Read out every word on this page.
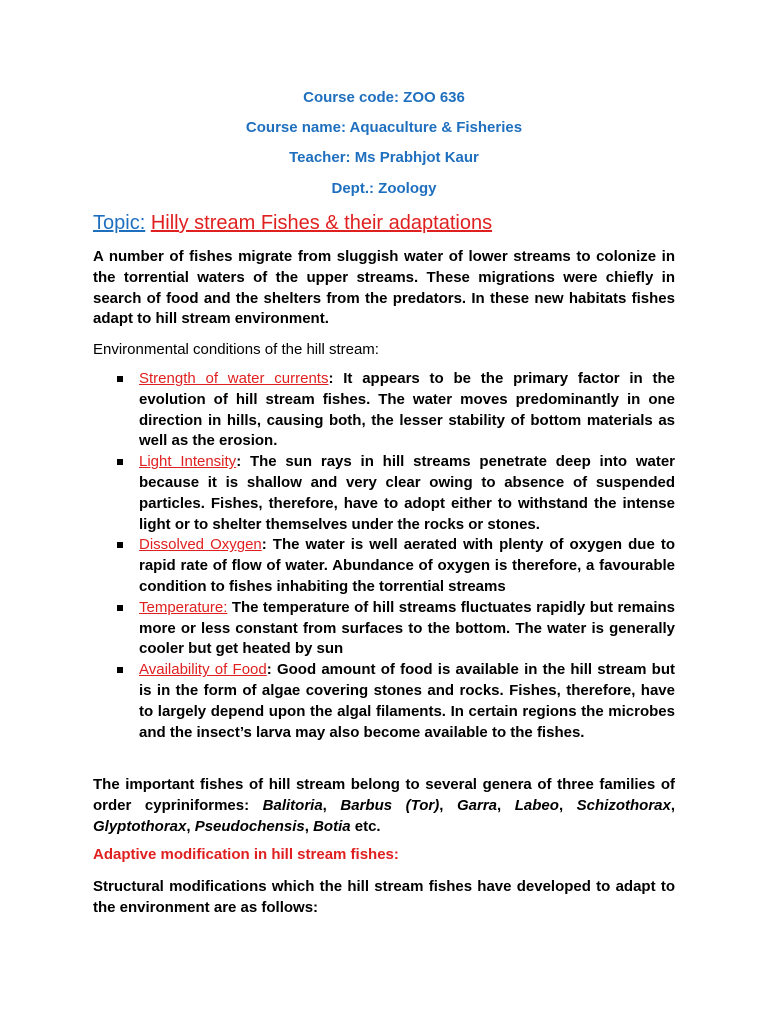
Course code: ZOO 636
Course name: Aquaculture & Fisheries
Teacher: Ms Prabhjot Kaur
Dept.: Zoology
Topic: Hilly stream Fishes & their adaptations
A number of fishes migrate from sluggish water of lower streams to colonize in the torrential waters of the upper streams. These migrations were chiefly in search of food and the shelters from the predators. In these new habitats fishes adapt to hill stream environment.
Environmental conditions of the hill stream:
Strength of water currents: It appears to be the primary factor in the evolution of hill stream fishes. The water moves predominantly in one direction in hills, causing both, the lesser stability of bottom materials as well as the erosion.
Light Intensity: The sun rays in hill streams penetrate deep into water because it is shallow and very clear owing to absence of suspended particles. Fishes, therefore, have to adopt either to withstand the intense light or to shelter themselves under the rocks or stones.
Dissolved Oxygen: The water is well aerated with plenty of oxygen due to rapid rate of flow of water. Abundance of oxygen is therefore, a favourable condition to fishes inhabiting the torrential streams
Temperature: The temperature of hill streams fluctuates rapidly but remains more or less constant from surfaces to the bottom. The water is generally cooler but get heated by sun
Availability of Food: Good amount of food is available in the hill stream but is in the form of algae covering stones and rocks. Fishes, therefore, have to largely depend upon the algal filaments. In certain regions the microbes and the insect’s larva may also become available to the fishes.
The important fishes of hill stream belong to several genera of three families of order cypriniformes: Balitoria, Barbus (Tor), Garra, Labeo, Schizothorax, Glyptothorax, Pseudochensis, Botia etc.
Adaptive modification in hill stream fishes:
Structural modifications which the hill stream fishes have developed to adapt to the environment are as follows:
